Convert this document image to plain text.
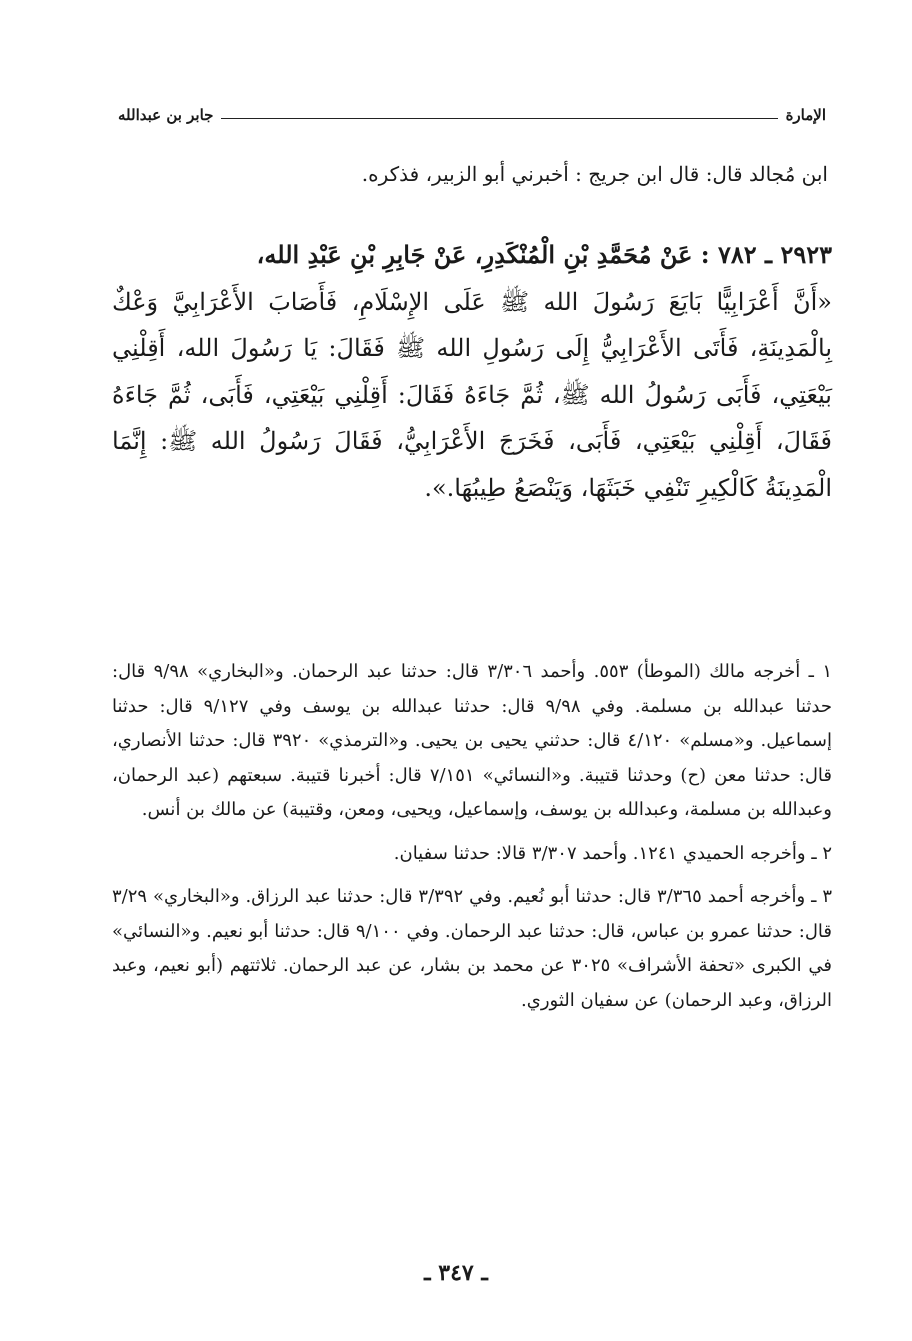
الإمارة
جابر بن عبدالله
ابن مُجالد قال: قال ابن جريج : أخبرني أبو الزبير، فذكره.
٢٩٢٣ ـ ٧٨٢ : عَنْ مُحَمَّدِ بْنِ الْمُنْكَدِرِ، عَنْ جَابِرِ بْنِ عَبْدِ الله،
«أَنَّ أَعْرَابِيًّا بَايَعَ رَسُولَ الله ﷺ عَلَى الإِسْلَامِ، فَأَصَابَ الأَعْرَابِيَّ وَعْكٌ بِالْمَدِينَةِ، فَأَتَى الأَعْرَابِيُّ إِلَى رَسُولِ الله ﷺ فَقَالَ: يَا رَسُولَ الله، أَقِلْنِي بَيْعَتِي، فَأَبَى رَسُولُ الله ﷺ، ثُمَّ جَاءَهُ فَقَالَ: أَقِلْنِي بَيْعَتِي، فَأَبَى، ثُمَّ جَاءَهُ فَقَالَ، أَقِلْنِي بَيْعَتِي، فَأَبَى، فَخَرَجَ الأَعْرَابِيُّ، فَقَالَ رَسُولُ الله ﷺ: إِنَّمَا الْمَدِينَةُ كَالْكِيرِ تَنْفِي خَبَثَهَا، وَيَنْصَعُ طِيبُهَا.».

١ ـ أخرجه مالك (الموطأ) ٥٥٣. وأحمد ٣/٣٠٦ قال: حدثنا عبد الرحمان. و«البخاري» ٩/٩٨ قال: حدثنا عبدالله بن مسلمة. وفي ٩/٩٨ قال: حدثنا عبدالله بن يوسف وفي ٩/١٢٧ قال: حدثنا إسماعيل. و«مسلم» ٤/١٢٠ قال: حدثني يحيى بن يحيى. و«الترمذي» ٣٩٢٠ قال: حدثنا الأنصاري، قال: حدثنا معن (ح) وحدثنا قتيبة. و«النسائي» ٧/١٥١ قال: أخبرنا قتيبة. سبعتهم (عبد الرحمان، وعبدالله بن مسلمة، وعبدالله بن يوسف، وإسماعيل، ويحيى، ومعن، وقتيبة) عن مالك بن أنس.

٢ ـ وأخرجه الحميدي ١٢٤١. وأحمد ٣/٣٠٧ قالا: حدثنا سفيان.

٣ ـ وأخرجه أحمد ٣/٣٦٥ قال: حدثنا أبو نُعيم. وفي ٣/٣٩٢ قال: حدثنا عبد الرزاق. و«البخاري» ٣/٢٩ قال: حدثنا عمرو بن عباس، قال: حدثنا عبد الرحمان. وفي ٩/١٠٠ قال: حدثنا أبو نعيم. و«النسائي» في الكبرى «تحفة الأشراف» ٣٠٢٥ عن محمد بن بشار، عن عبد الرحمان. ثلاثتهم (أبو نعيم، وعبد الرزاق، وعبد الرحمان) عن سفيان الثوري.

ـ ٣٤٧ ـ
